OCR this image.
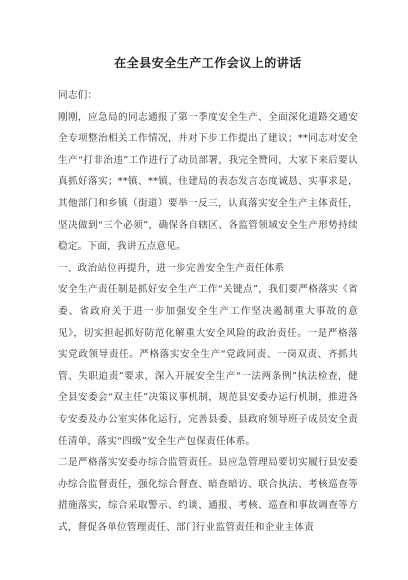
在全县安全生产工作会议上的讲话

同志们：

刚刚，应急局的同志通报了第一季度安全生产、全面深化道路交通安全专项整治相关工作情况，并对下步工作提出了建议；**同志对安全生产“打非治违”工作进行了动员部署，我完全赞同，大家下来后要认真抓好落实；**镇、**镇、住建局的表态发言态度诚恳、实事求是，其他部门和乡镇（街道）要举一反三，认真落实安全生产主体责任，坚决做到“三个必须”，确保各自辖区、各监管领域安全生产形势持续稳定。下面，我讲五点意见。

一、政治站位再提升，进一步完善安全生产责任体系

安全生产责任制是抓好安全生产工作“关键点”，我们要严格落实《省委、省政府关于进一步加强安全生产工作坚决遏制重大事故的意见》，切实担起抓好防范化解重大安全风险的政治责任。一是严格落实党政领导责任。严格落实安全生产“党政同责、一岗双责、齐抓共管、失职追责”要求，深入开展安全生产“一法两条例”执法检查，健全县安委会“双主任”决策议事机制，规范县安委办运行机制，推进各专安委及办公室实体化运行，完善县委、县政府领导班子成员安全责任清单，落实“四级”安全生产包保责任体系。

二是严格落实安委办综合监管责任。县应急管理局要切实履行县安委办综合监督责任，强化综合督查、暗查暗访、联合执法、考核巡查等措施落实，综合采取警示、约谈、通报、考核、巡查和事故调查等方式，督促各单位管理责任、部门行业监管责任和企业主体责
